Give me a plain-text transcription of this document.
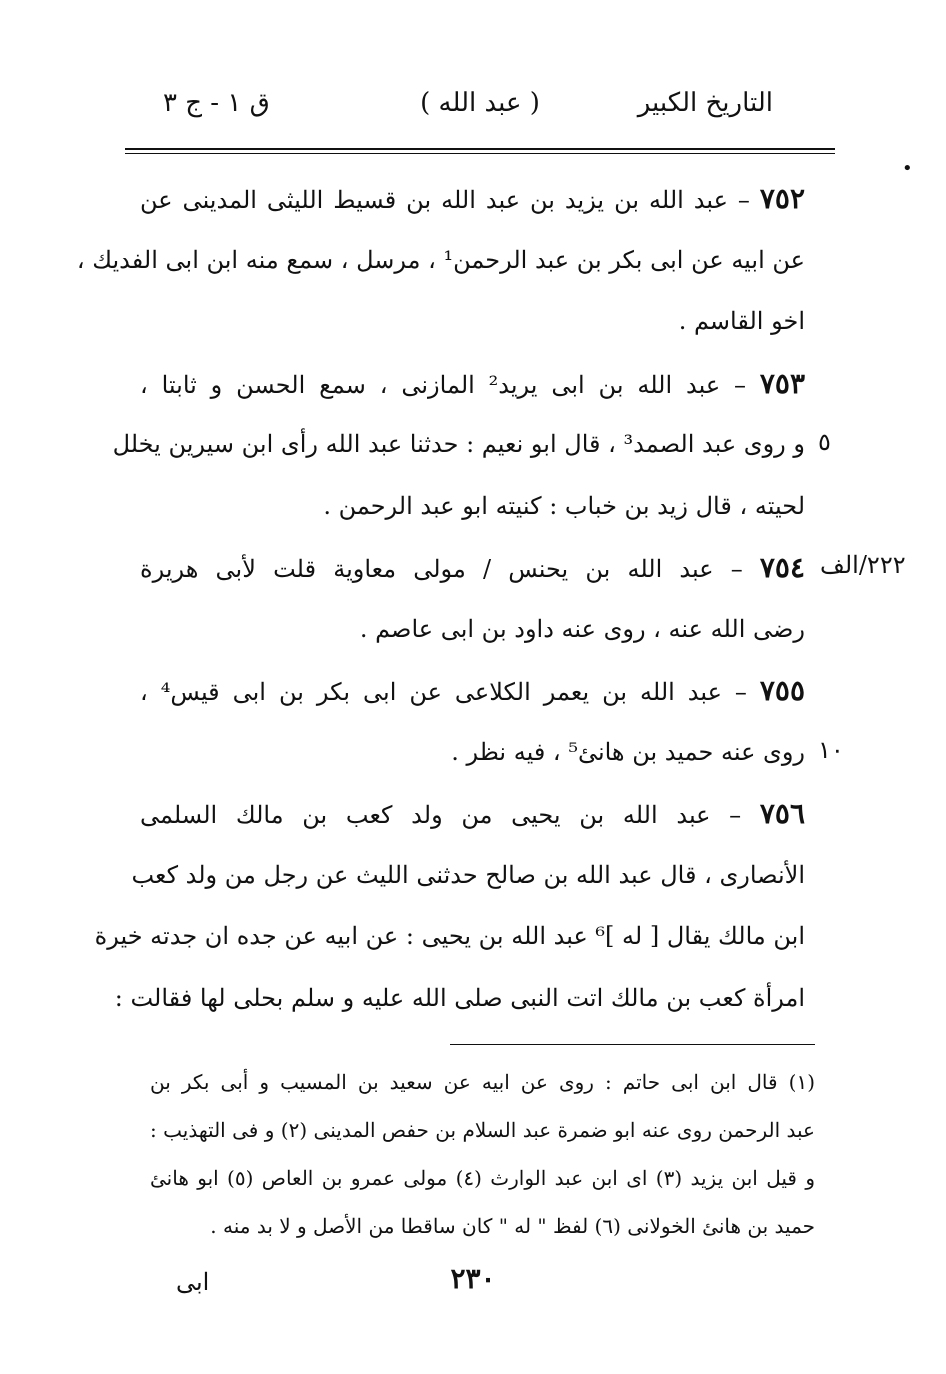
التاريخ الكبير
( عبد الله )
ق ١ - ج ٣
•
٧٥٢ – عبد الله بن يزيد بن عبد الله بن قسيط الليثى المدينى عن
عن ابيه عن ابى بكر بن عبد الرحمن¹ ، مرسل ، سمع منه ابن ابى الفديك ،
اخو القاسم .
٧٥٣ – عبد الله بن ابى يريد² المازنى ، سمع الحسن و ثابتا ،
و روى عبد الصمد³ ، قال ابو نعيم : حدثنا عبد الله رأى ابن سيرين يخلل
لحيته ، قال زيد بن خباب : كنيته ابو عبد الرحمن .
٧٥٤ – عبد الله بن يحنس / مولى معاوية قلت لأبى هريرة
رضى الله عنه ، روى عنه داود بن ابى عاصم .
٧٥٥ – عبد الله بن يعمر الكلاعى عن ابى بكر بن ابى قيس⁴ ،
روى عنه حميد بن هانئ⁵ ، فيه نظر .
٧٥٦ – عبد الله بن يحيى من ولد كعب بن مالك السلمى
الأنصارى ، قال عبد الله بن صالح حدثنى الليث عن رجل من ولد كعب
ابن مالك يقال [ له ]⁶ عبد الله بن يحيى : عن ابيه عن جده ان جدته خيرة
امرأة كعب بن مالك اتت النبى صلى الله عليه و سلم بحلى لها فقالت :
٥
١٠
٢٢٢/الف
(١) قال ابن ابى حاتم : روى عن ابيه عن سعيد بن المسيب و أبى بكر بن
عبد الرحمن روى عنه ابو ضمرة عبد السلام بن حفص المدينى (٢) و فى التهذيب :
و قيل ابن يزيد (٣) اى ابن عبد الوارث (٤) مولى عمرو بن العاص (٥) ابو هانئ
حميد بن هانئ الخولانى (٦) لفظ " له " كان ساقطا من الأصل و لا بد منه .
٢٣٠
ابى
